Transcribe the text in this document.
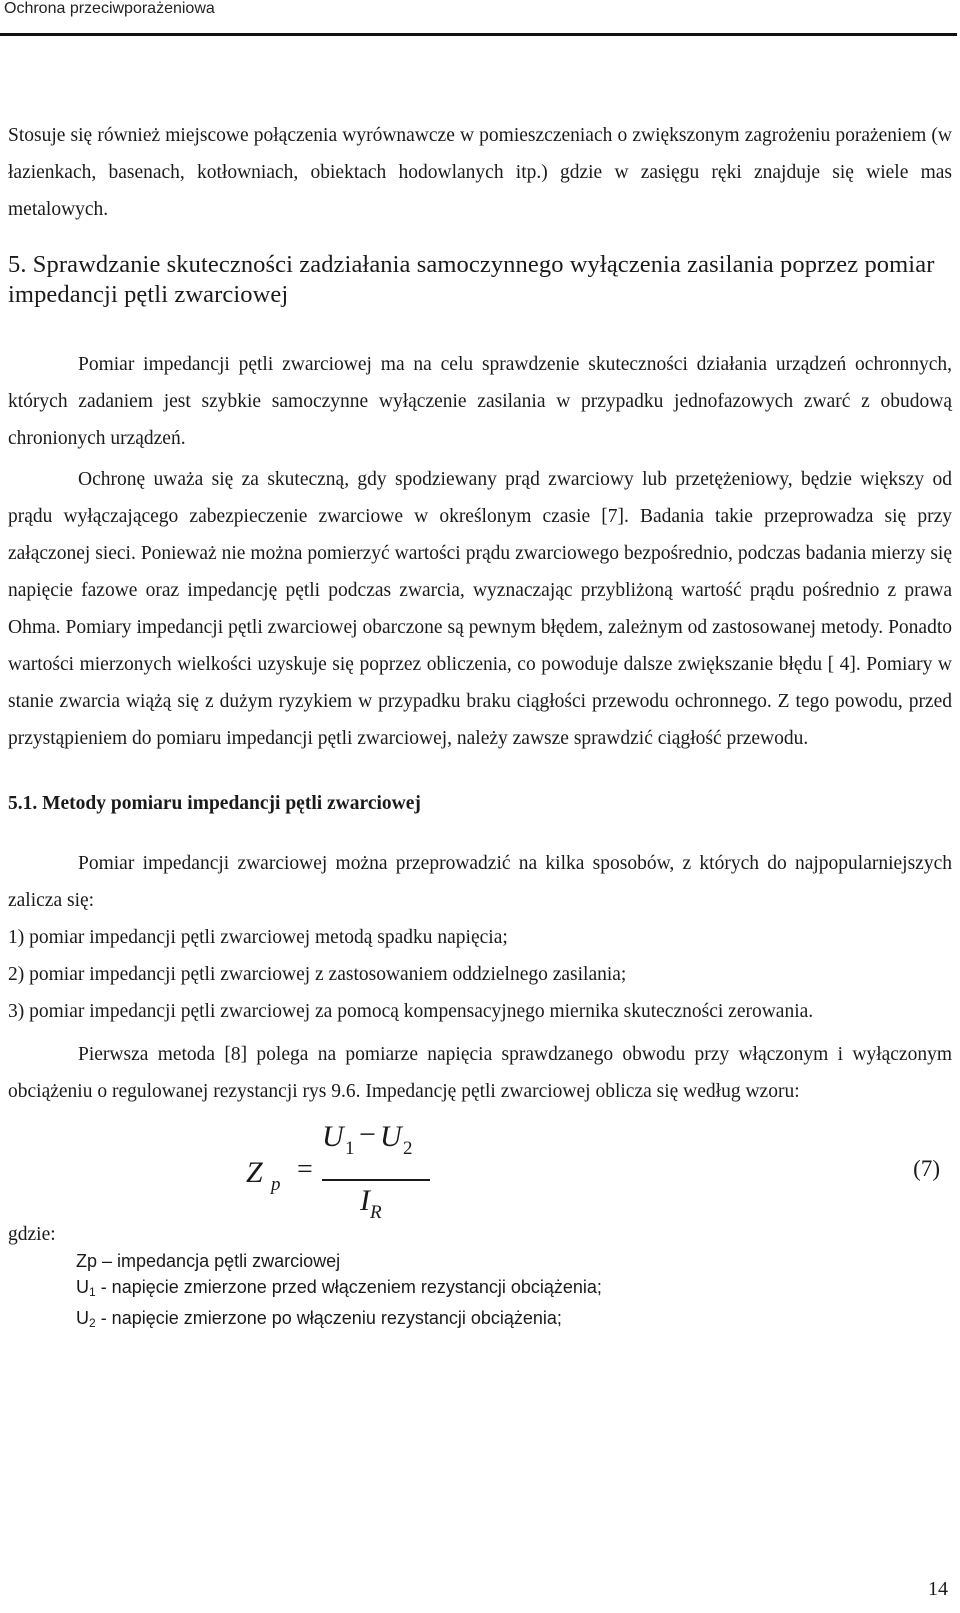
Ochrona przeciwporażeniowa

Stosuje się również miejscowe połączenia wyrównawcze w pomieszczeniach o zwiększonym zagrożeniu porażeniem (w łazienkach, basenach, kotłowniach, obiektach hodowlanych itp.) gdzie w zasięgu ręki znajduje się wiele mas metalowych.

5. Sprawdzanie skuteczności zadziałania samoczynnego wyłączenia zasilania poprzez pomiar impedancji pętli zwarciowej

Pomiar impedancji pętli zwarciowej ma na celu sprawdzenie skuteczności działania urządzeń ochronnych, których zadaniem jest szybkie samoczynne wyłączenie zasilania w przypadku jednofazowych zwarć z obudową chronionych urządzeń.

Ochronę uważa się za skuteczną, gdy spodziewany prąd zwarciowy lub przetężeniowy, będzie większy od prądu wyłączającego zabezpieczenie zwarciowe w określonym czasie [7]. Badania takie przeprowadza się przy załączonej sieci. Ponieważ nie można pomierzyć wartości prądu zwarciowego bezpośrednio, podczas badania mierzy się napięcie fazowe oraz impedancję pętli podczas zwarcia, wyznaczając przybliżoną wartość prądu pośrednio z prawa Ohma. Pomiary impedancji pętli zwarciowej obarczone są pewnym błędem, zależnym od zastosowanej metody. Ponadto wartości mierzonych wielkości uzyskuje się poprzez obliczenia, co powoduje dalsze zwiększanie błędu [ 4]. Pomiary w stanie zwarcia wiążą się z dużym ryzykiem w przypadku braku ciągłości przewodu ochronnego. Z tego powodu, przed przystąpieniem do pomiaru impedancji pętli zwarciowej, należy zawsze sprawdzić ciągłość przewodu.

5.1. Metody pomiaru impedancji pętli zwarciowej

Pomiar impedancji zwarciowej można przeprowadzić na kilka sposobów, z których do najpopularniejszych zalicza się:

1) pomiar impedancji pętli zwarciowej metodą spadku napięcia;

2) pomiar impedancji pętli zwarciowej z zastosowaniem oddzielnego zasilania;

3) pomiar impedancji pętli zwarciowej za pomocą kompensacyjnego miernika skuteczności zerowania.

Pierwsza metoda [8] polega na pomiarze napięcia sprawdzanego obwodu przy włączonym i wyłączonym obciążeniu o regulowanej rezystancji rys 9.6. Impedancję pętli zwarciowej oblicza się według wzoru:

Z p =
U 1 − U 2
I R
(7)

gdzie:

Zp – impedancja pętli zwarciowej
$U_1$ - napięcie zmierzone przed włączeniem rezystancji obciążenia;
$U_2$ - napięcie zmierzone po włączeniu rezystancji obciążenia;
14
